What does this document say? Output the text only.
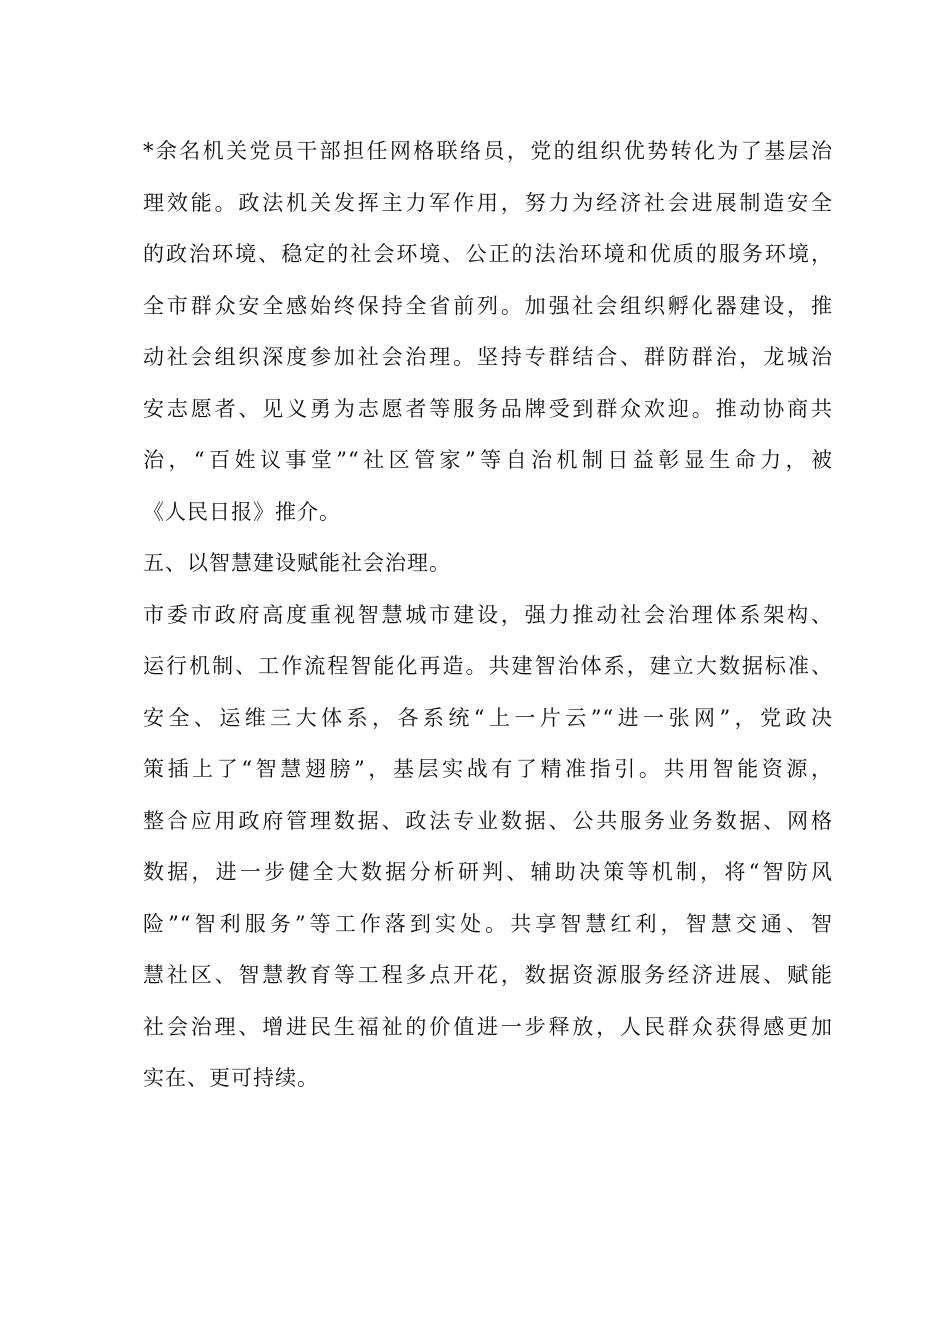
*余名机关党员干部担任网格联络员，党的组织优势转化为了基层治
理效能。政法机关发挥主力军作用，努力为经济社会进展制造安全
的政治环境、稳定的社会环境、公正的法治环境和优质的服务环境，
全市群众安全感始终保持全省前列。加强社会组织孵化器建设，推
动社会组织深度参加社会治理。坚持专群结合、群防群治，龙城治
安志愿者、见义勇为志愿者等服务品牌受到群众欢迎。推动协商共
治，“百姓议事堂”“社区管家”等自治机制日益彰显生命力，被
《人民日报》推介。
五、以智慧建设赋能社会治理。
市委市政府高度重视智慧城市建设，强力推动社会治理体系架构、
运行机制、工作流程智能化再造。共建智治体系，建立大数据标准、
安全、运维三大体系，各系统“上一片云”“进一张网”，党政决
策插上了“智慧翅膀”，基层实战有了精准指引。共用智能资源，
整合应用政府管理数据、政法专业数据、公共服务业务数据、网格
数据，进一步健全大数据分析研判、辅助决策等机制，将“智防风
险”“智利服务”等工作落到实处。共享智慧红利，智慧交通、智
慧社区、智慧教育等工程多点开花，数据资源服务经济进展、赋能
社会治理、增进民生福祉的价值进一步释放，人民群众获得感更加
实在、更可持续。
